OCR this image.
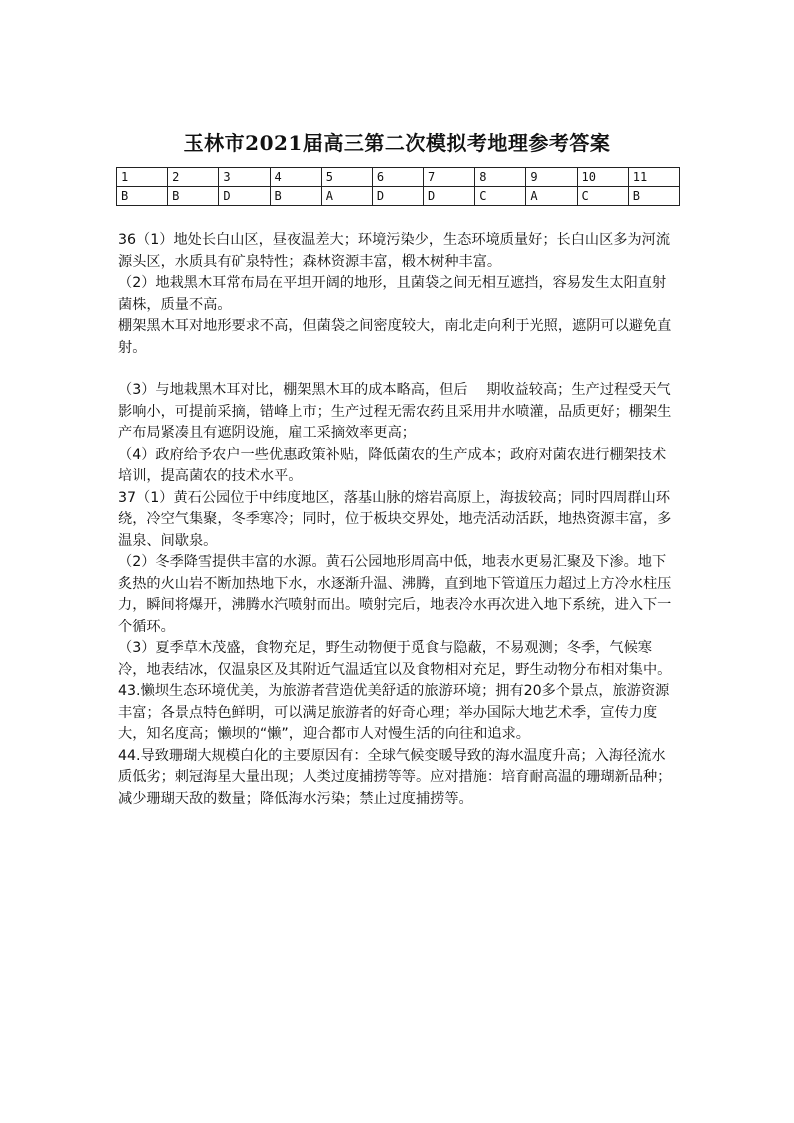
玉林市2021届高三第二次模拟考地理参考答案
1	2	3	4	5	6	7	8	9	10	11
B	B	D	B	A	D	D	C	A	C	B

36（1）地处长白山区，昼夜温差大；环境污染少，生态环境质量好；长白山区多为河流源头区，水质具有矿泉特性；森林资源丰富，椴木树种丰富。

（2）地栽黑木耳常布局在平坦开阔的地形，且菌袋之间无相互遮挡，容易发生太阳直射菌株，质量不高。

棚架黑木耳对地形要求不高，但菌袋之间密度较大，南北走向利于光照，遮阴可以避免直射。

（3）与地栽黑木耳对比，棚架黑木耳的成本略高，但后　 期收益较高；生产过程受天气影响小，可提前采摘，错峰上市；生产过程无需农药且采用井水喷灌，品质更好；棚架生产布局紧凑且有遮阴设施，雇工采摘效率更高；

（4）政府给予农户一些优惠政策补贴，降低菌农的生产成本；政府对菌农进行棚架技术培训，提高菌农的技术水平。

37（1）黄石公园位于中纬度地区，落基山脉的熔岩高原上，海拔较高；同时四周群山环绕，冷空气集聚，冬季寒冷；同时，位于板块交界处，地壳活动活跃，地热资源丰富，多温泉、间歇泉。

（2）冬季降雪提供丰富的水源。黄石公园地形周高中低，地表水更易汇聚及下渗。地下炙热的火山岩不断加热地下水，水逐渐升温、沸腾，直到地下管道压力超过上方冷水柱压力，瞬间将爆开，沸腾水汽喷射而出。喷射完后，地表冷水再次进入地下系统，进入下一个循环。

（3）夏季草木茂盛，食物充足，野生动物便于觅食与隐蔽，不易观测；冬季，气候寒冷，地表结冰，仅温泉区及其附近气温适宜以及食物相对充足，野生动物分布相对集中。

43.懒坝生态环境优美，为旅游者营造优美舒适的旅游环境；拥有20多个景点，旅游资源丰富；各景点特色鲜明，可以满足旅游者的好奇心理；举办国际大地艺术季，宣传力度大，知名度高；懒坝的“懒”，迎合都市人对慢生活的向往和追求。

44.导致珊瑚大规模白化的主要原因有：全球气候变暖导致的海水温度升高；入海径流水质低劣；刺冠海星大量出现；人类过度捕捞等等。应对措施：培育耐高温的珊瑚新品种；减少珊瑚天敌的数量；降低海水污染；禁止过度捕捞等。
